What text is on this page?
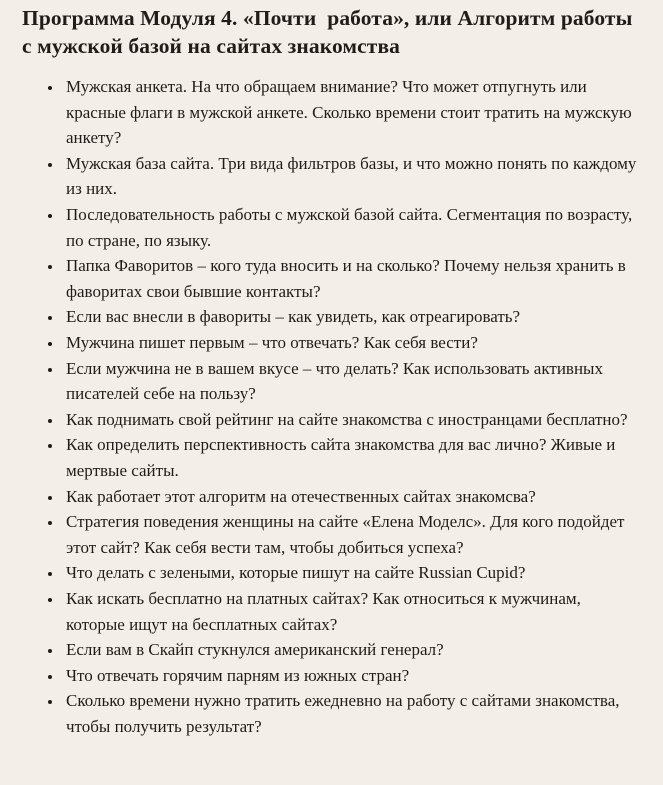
Программа Модуля 4. «Почти  работа», или Алгоритм работы с мужской базой на сайтах знакомства
• Мужская анкета. На что обращаем внимание? Что может отпугнуть или красные флаги в мужской анкете. Сколько времени стоит тратить на мужскую анкету?
• Мужская база сайта. Три вида фильтров базы, и что можно понять по каждому из них.
• Последовательность работы с мужской базой сайта. Сегментация по возрасту, по стране, по языку.
• Папка Фаворитов – кого туда вносить и на сколько? Почему нельзя хранить в фаворитах свои бывшие контакты?
• Если вас внесли в фавориты – как увидеть, как отреагировать?
• Мужчина пишет первым – что отвечать? Как себя вести?
• Если мужчина не в вашем вкусе – что делать? Как использовать активных писателей себе на пользу?
• Как поднимать свой рейтинг на сайте знакомства с иностранцами бесплатно?
• Как определить перспективность сайта знакомства для вас лично? Живые и мертвые сайты.
• Как работает этот алгоритм на отечественных сайтах знакомсва?
• Стратегия поведения женщины на сайте «Елена Моделс». Для кого подойдет этот сайт? Как себя вести там, чтобы добиться успеха?
• Что делать с зелеными, которые пишут на сайте Russian Cupid?
• Как искать бесплатно на платных сайтах? Как относиться к мужчинам, которые ищут на бесплатных сайтах?
• Если вам в Скайп стукнулся американский генерал?
• Что отвечать горячим парням из южных стран?
• Сколько времени нужно тратить ежедневно на работу с сайтами знакомства, чтобы получить результат?
